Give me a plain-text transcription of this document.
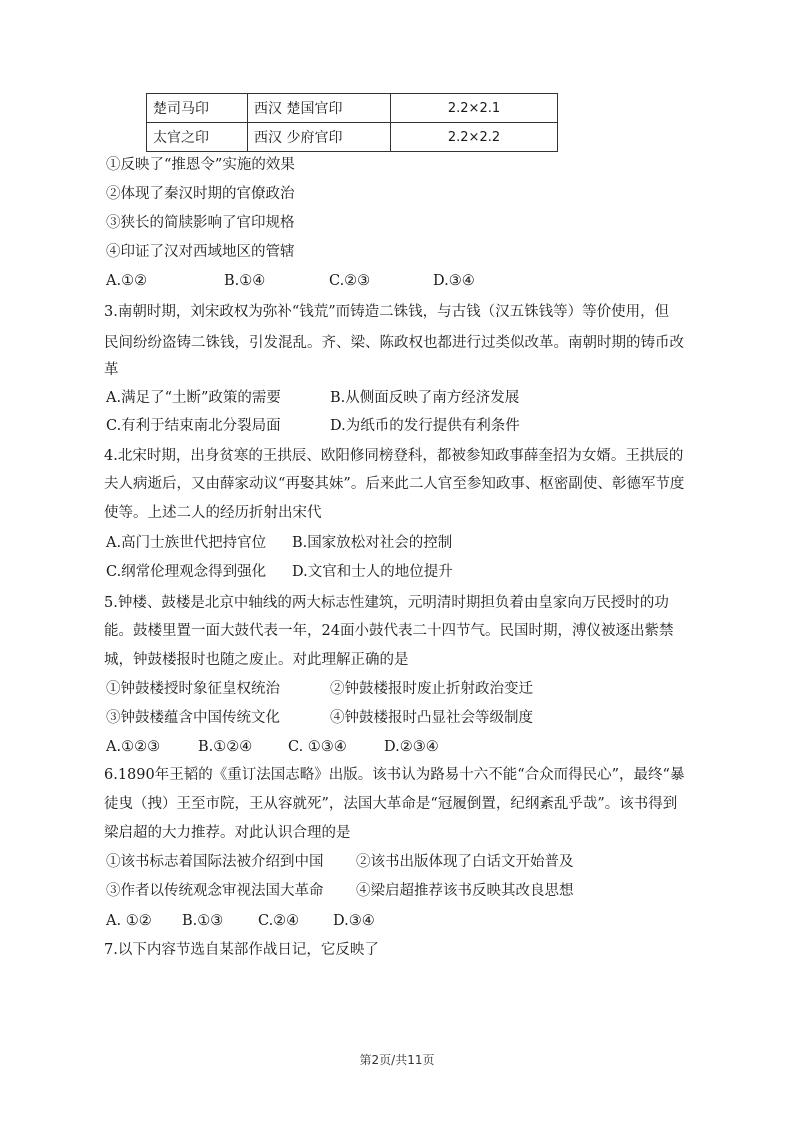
楚司马印	西汉 楚国官印	2.2×2.1
太官之印	西汉 少府官印	2.2×2.2
①反映了“推恩令”实施的效果
②体现了秦汉时期的官僚政治
③狭长的简牍影响了官印规格
④印证了汉对西域地区的管辖
A.①②	B.①④	C.②③	D.③④
3.南朝时期，刘宋政权为弥补“钱荒”而铸造二铢钱，与古钱（汉五铢钱等）等价使用，但
民间纷纷盗铸二铢钱，引发混乱。齐、梁、陈政权也都进行过类似改革。南朝时期的铸币改
革
A.满足了“土断”政策的需要	B.从侧面反映了南方经济发展
C.有利于结束南北分裂局面	D.为纸币的发行提供有利条件
4.北宋时期，出身贫寒的王拱辰、欧阳修同榜登科，都被参知政事薛奎招为女婿。王拱辰的
夫人病逝后，又由薛家动议“再娶其妹”。后来此二人官至参知政事、枢密副使、彰德军节度
使等。上述二人的经历折射出宋代
A.高门士族世代把持官位 B.国家放松对社会的控制
C.纲常伦理观念得到强化 D.文官和士人的地位提升
5.钟楼、鼓楼是北京中轴线的两大标志性建筑，元明清时期担负着由皇家向万民授时的功
能。鼓楼里置一面大鼓代表一年，24面小鼓代表二十四节气。民国时期，溥仪被逐出紫禁
城，钟鼓楼报时也随之废止。对此理解正确的是
①钟鼓楼授时象征皇权统治	②钟鼓楼报时废止折射政治变迁
③钟鼓楼蕴含中国传统文化	④钟鼓楼报时凸显社会等级制度
A.①②③	B.①②④ C. ①③④	D.②③④
6.1890年王韬的《重订法国志略》出版。该书认为路易十六不能“合众而得民心”，最终“暴
徒曳（拽）王至市院，王从容就死”，法国大革命是“冠履倒置，纪纲紊乱乎哉”。该书得到
梁启超的大力推荐。对此认识合理的是
①该书标志着国际法被介绍到中国 ②该书出版体现了白话文开始普及
③作者以传统观念审视法国大革命 ④梁启超推荐该书反映其改良思想
A. ①② B.①③ C.②④ D.③④
7.以下内容节选自某部作战日记，它反映了
第2页/共11页
